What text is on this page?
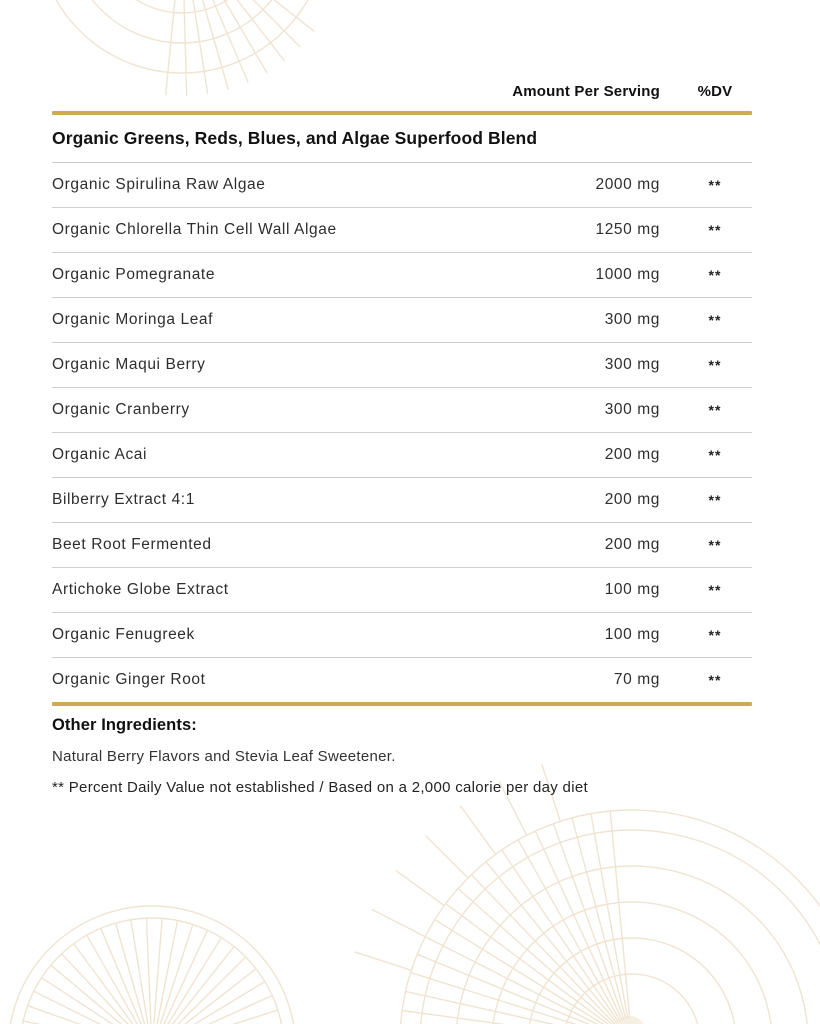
Amount Per Serving	%DV
Organic Greens, Reds, Blues, and Algae Superfood Blend
Organic Spirulina Raw Algae	2000 mg	**
Organic Chlorella Thin Cell Wall Algae	1250 mg	**
Organic Pomegranate	1000 mg	**
Organic Moringa Leaf	300 mg	**
Organic Maqui Berry	300 mg	**
Organic Cranberry	300 mg	**
Organic Acai	200 mg	**
Bilberry Extract 4:1	200 mg	**
Beet Root Fermented	200 mg	**
Artichoke Globe Extract	100 mg	**
Organic Fenugreek	100 mg	**
Organic Ginger Root	70 mg	**
Other Ingredients:
Natural Berry Flavors and Stevia Leaf Sweetener.
** Percent Daily Value not established / Based on a 2,000 calorie per day diet
